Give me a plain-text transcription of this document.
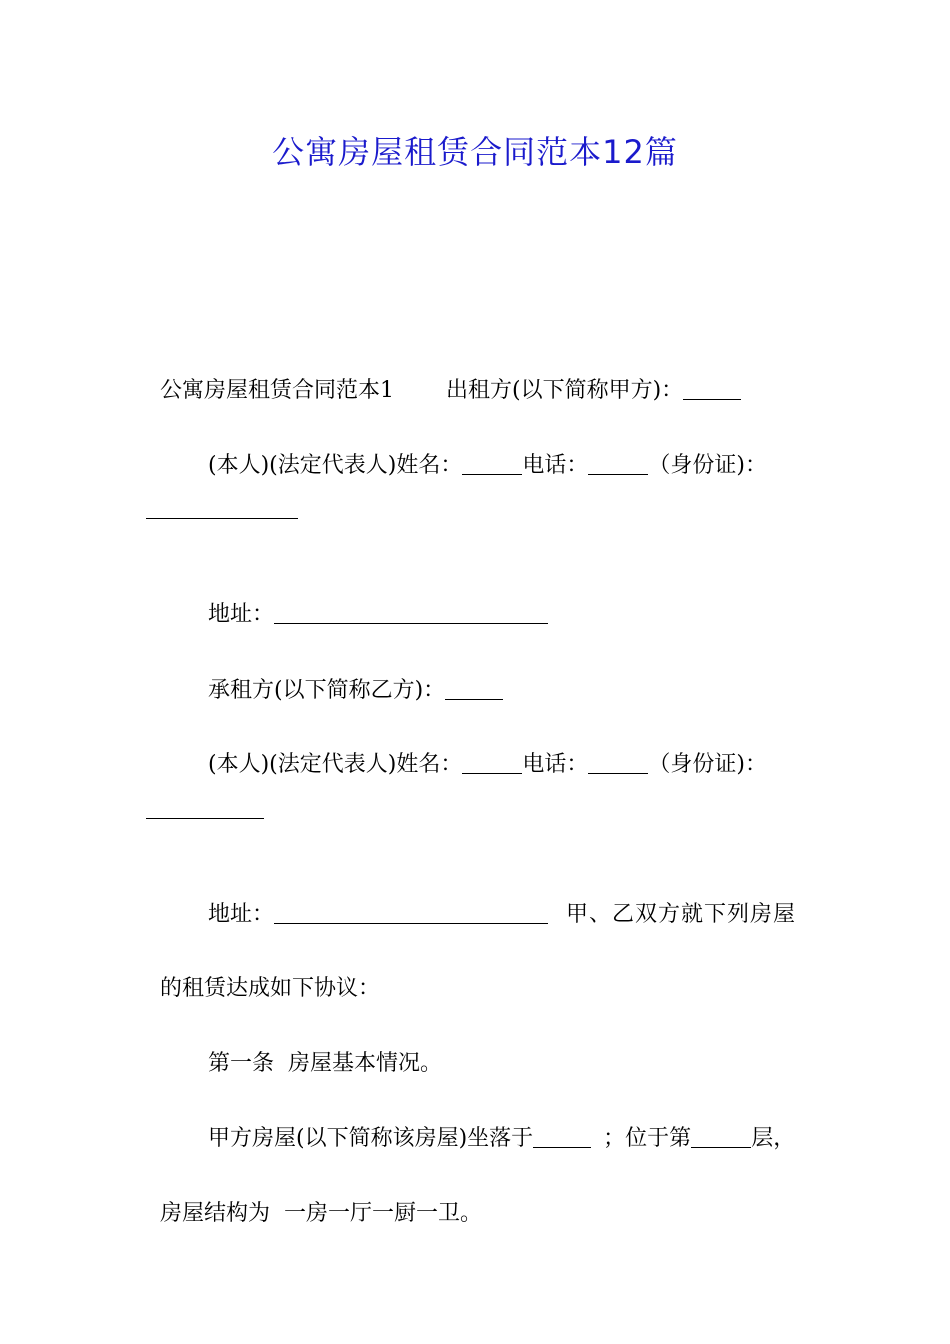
公寓房屋租赁合同范本12篇

公寓房屋租赁合同范本1 出租方(以下简称甲方)：

(本人)(法定代表人)姓名：	电话：	（身份证)：

地址：

承租方(以下简称乙方)：

(本人)(法定代表人)姓名：	电话：	（身份证)：

地址：	甲、乙双方就下列房屋

的租赁达成如下协议：

第一条  房屋基本情况。

甲方房屋(以下简称该房屋)坐落于	；位于第	层，

房屋结构为  一房一厅一厨一卫。
